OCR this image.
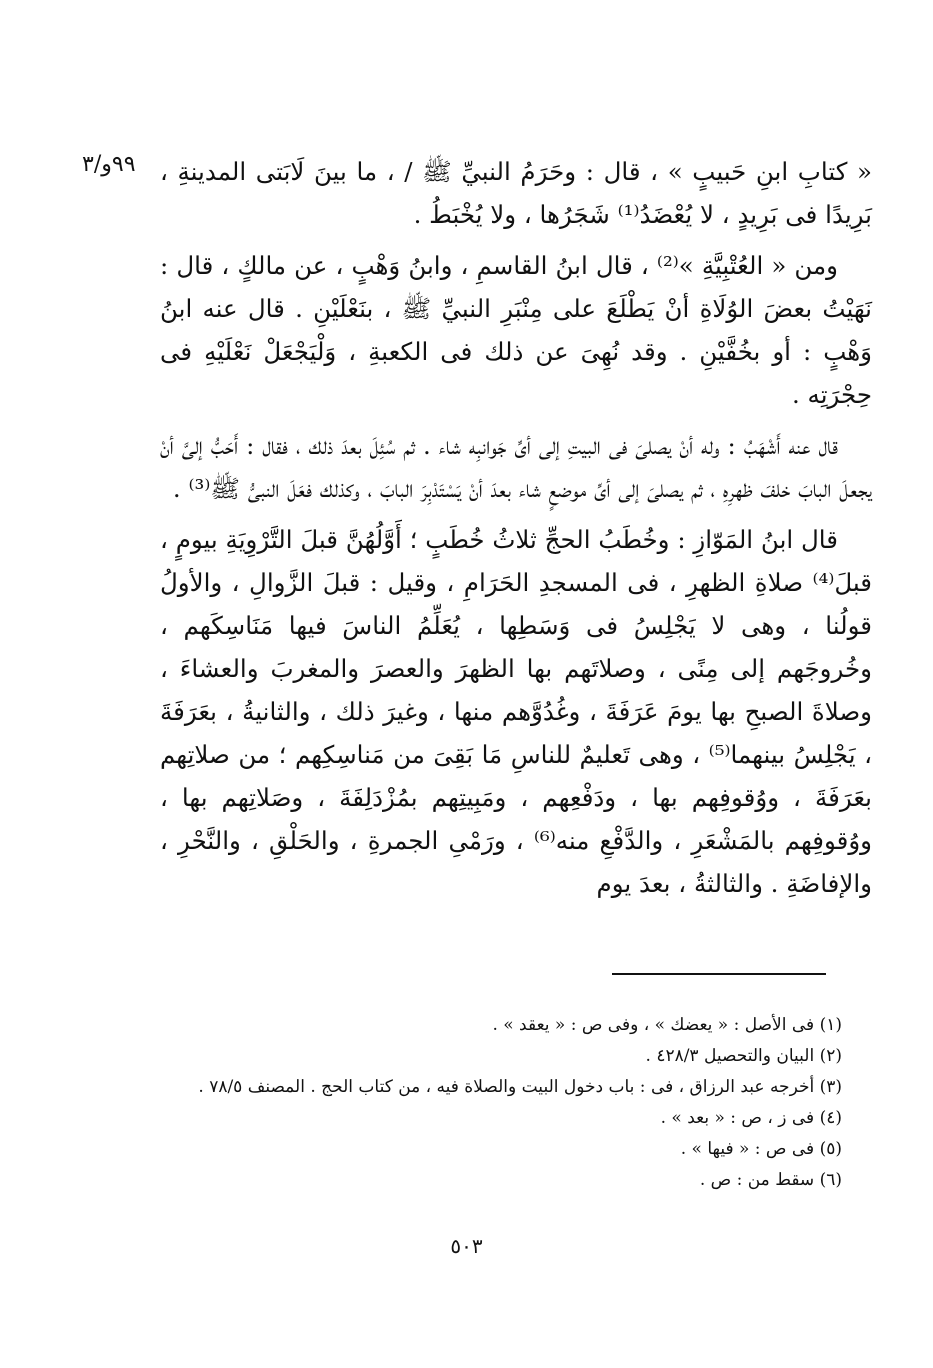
٩٩و/٣ « كتابِ ابنِ حَبيبٍ » ، قال : وحَرَمُ النبيِّ ﷺ / ، ما بينَ لَابَتى المدينةِ ، بَرِيدًا فى بَرِيدٍ ، لا يُعْضَدُ⁽¹⁾ شَجَرُها ، ولا يُخْبَطُ .

ومن « العُتْبِيَّةِ »⁽²⁾ ، قال ابنُ القاسمِ ، وابنُ وَهْبٍ ، عن مالكٍ ، قال : نَهَيْتُ بعضَ الوُلَاةِ أنْ يَطْلَعَ على مِنْبَرِ النبيِّ ﷺ ، بنَعْلَيْنِ . قال عنه ابنُ وَهْبٍ : أو بخُفَّيْنِ . وقد نُهِىَ عن ذلك فى الكعبةِ ، وَلْيَجْعَلْ نَعْلَيْهِ فى حِجْرَتِه .

قال عنه أَشْهَبُ : وله أنْ يصلىَ فى البيتِ إلى أىِّ جَوانبِه شاء . ثم سُئِلَ بعدَ ذلك ، فقال : أَحَبُّ إلىَّ أنْ يجعلَ البابَ خلفَ ظهرِهِ ، ثم يصلىَ إلى أىِّ موضعٍ شاء بعدَ أنْ يَسْتَدْبِرَ البابَ ، وكذلك فعَلَ النبىُّ ﷺ⁽³⁾ .

قال ابنُ المَوّازِ : وخُطَبُ الحجِّ ثلاثُ خُطَبٍ ؛ أَوَّلُهُنَّ قبلَ التَّرْوِيَةِ بيومٍ ، قبلَ⁽⁴⁾ صلاةِ الظهرِ ، فى المسجدِ الحَرَامِ ، وقيل : قبلَ الزَّوالِ ، والأولُ قولُنا ، وهى لا يَجْلِسُ فى وَسَطِها ، يُعَلِّمُ الناسَ فيها مَنَاسِكَهم ، وخُروجَهم إلى مِنًى ، وصلاتَهم بها الظهرَ والعصرَ والمغربَ والعشاءَ ، وصلاةَ الصبحِ بها يومَ عَرَفَةَ ، وغُدُوَّهم منها ، وغيرَ ذلك ، والثانيةُ ، بعَرَفَةَ ، يَجْلِسُ بينهما⁽⁵⁾ ، وهى تَعليمٌ للناسِ مَا بَقِىَ من مَناسِكِهم ؛ من صلاتِهم بعَرَفَةَ ، ووُقوفِهم بها ، ودَفْعِهم ، ومَبِيتِهم بمُزْدَلِفَةَ ، وصَلاتِهم بها ، ووُقوفِهم بالمَشْعَرِ ، والدَّفْعِ منه⁽⁶⁾ ، ورَمْىِ الجمرةِ ، والحَلْقِ ، والنَّحْرِ ، والإفاضَةِ . والثالثةُ ، بعدَ يوم

(١) فى الأصل : « يعضك » ، وفى ص : « يعقد » .
(٢) البيان والتحصيل ٤٢٨/٣ .
(٣) أخرجه عبد الرزاق ، فى : باب دخول البيت والصلاة فيه ، من كتاب الحج . المصنف ٧٨/٥ .
(٤) فى ز ، ص : « بعد » .
(٥) فى ص : « فيها » .
(٦) سقط من : ص .
٥٠٣
